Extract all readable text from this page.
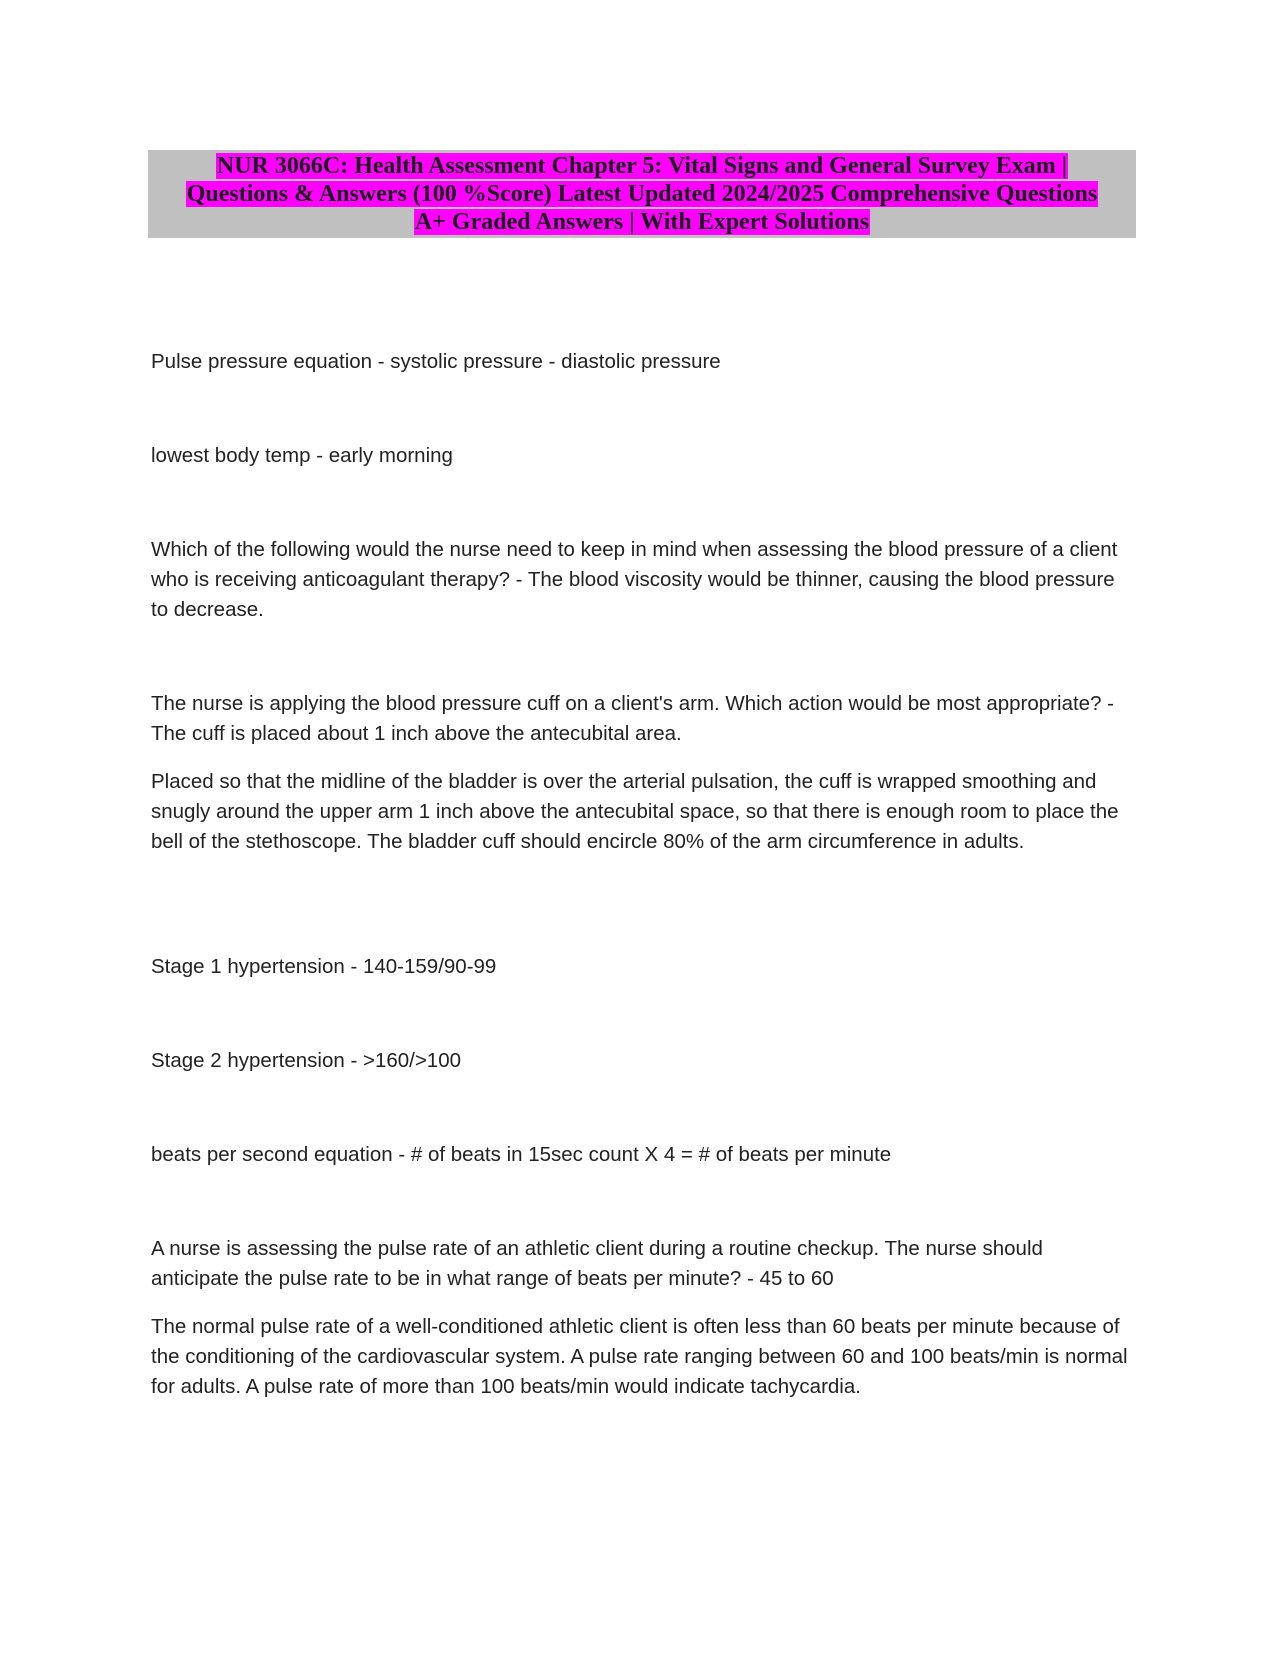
NUR 3066C: Health Assessment Chapter 5: Vital Signs and General Survey Exam |
Questions & Answers (100 %Score) Latest Updated 2024/2025 Comprehensive Questions
A+ Graded Answers | With Expert Solutions

Pulse pressure equation - systolic pressure - diastolic pressure

lowest body temp - early morning

Which of the following would the nurse need to keep in mind when assessing the blood pressure of a client who is receiving anticoagulant therapy? - The blood viscosity would be thinner, causing the blood pressure to decrease.

The nurse is applying the blood pressure cuff on a client's arm. Which action would be most appropriate? - The cuff is placed about 1 inch above the antecubital area.

Placed so that the midline of the bladder is over the arterial pulsation, the cuff is wrapped smoothing and snugly around the upper arm 1 inch above the antecubital space, so that there is enough room to place the bell of the stethoscope. The bladder cuff should encircle 80% of the arm circumference in adults.

Stage 1 hypertension - 140-159/90-99

Stage 2 hypertension - >160/>100

beats per second equation - # of beats in 15sec count X 4 = # of beats per minute

A nurse is assessing the pulse rate of an athletic client during a routine checkup. The nurse should anticipate the pulse rate to be in what range of beats per minute? - 45 to 60

The normal pulse rate of a well-conditioned athletic client is often less than 60 beats per minute because of the conditioning of the cardiovascular system. A pulse rate ranging between 60 and 100 beats/min is normal for adults. A pulse rate of more than 100 beats/min would indicate tachycardia.
